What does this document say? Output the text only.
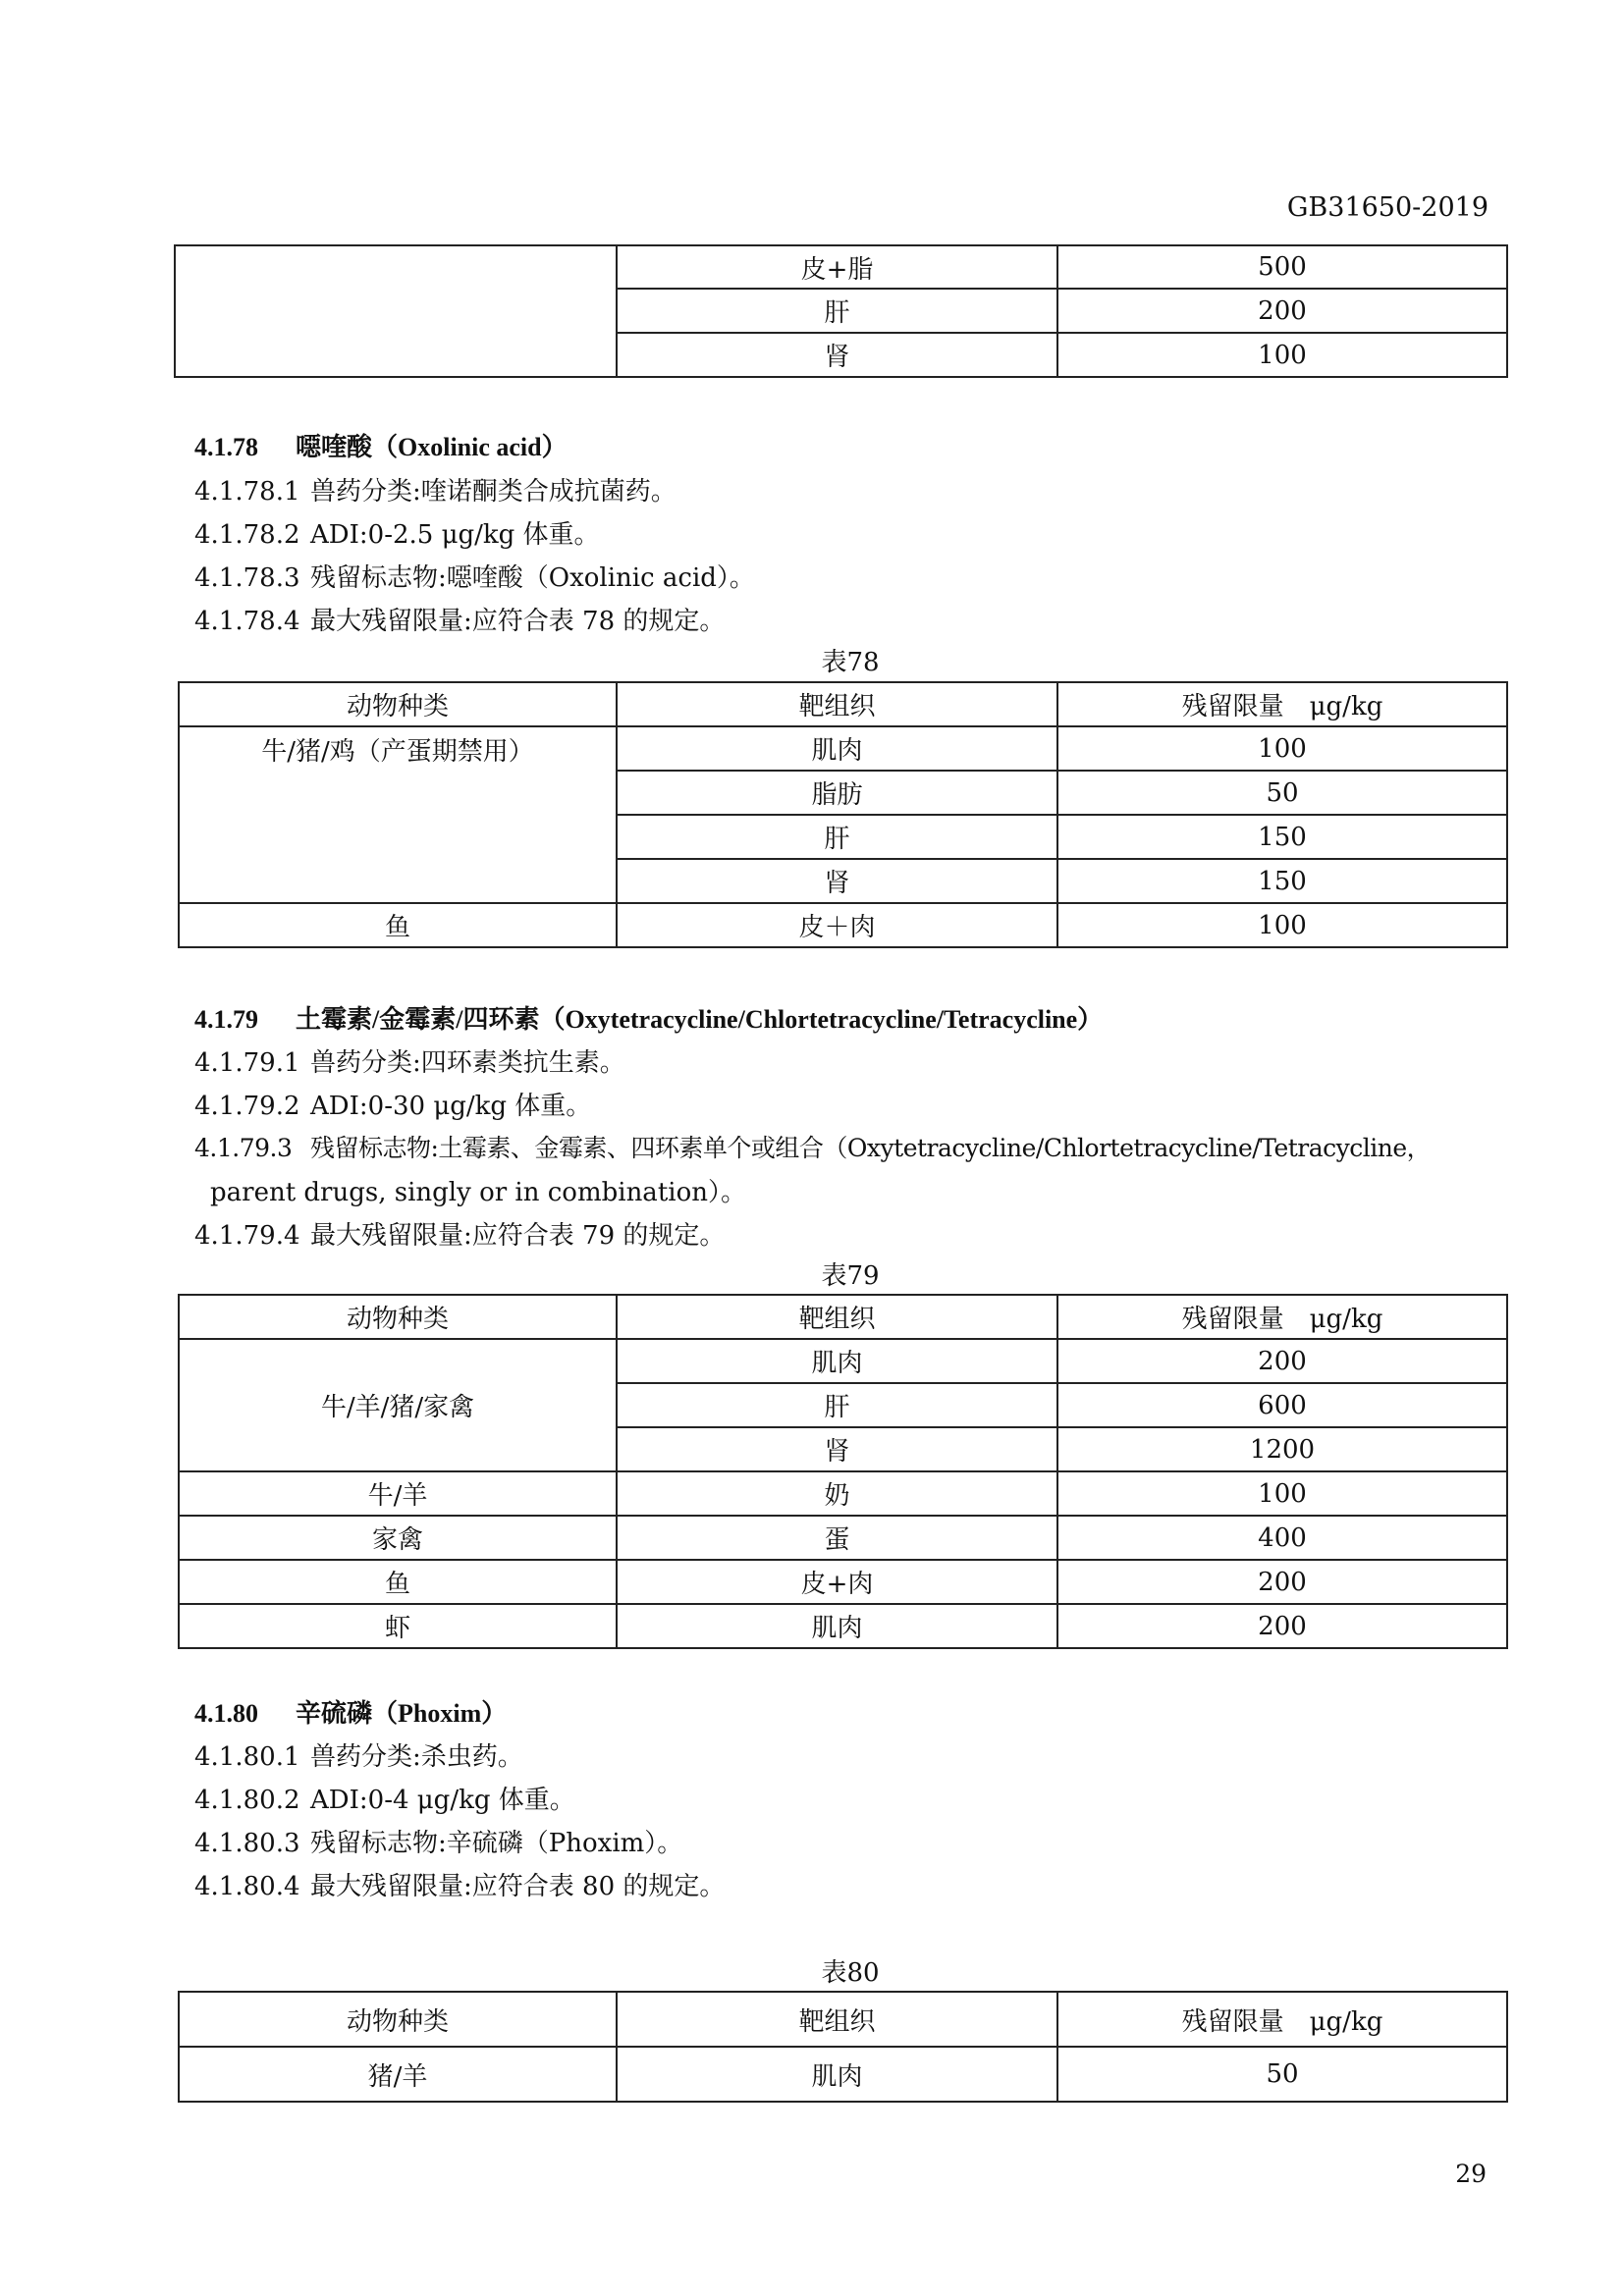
GB31650-2019
	皮+脂	500
	肝	200
	肾	100
4.1.78 噁喹酸（Oxolinic acid）
4.1.78.1 兽药分类:喹诺酮类合成抗菌药。
4.1.78.2 ADI:0-2.5 μg/kg 体重。
4.1.78.3 残留标志物:噁喹酸（Oxolinic acid）。
4.1.78.4 最大残留限量:应符合表 78 的规定。
表78
动物种类	靶组织	残留限量　μg/kg
牛/猪/鸡（产蛋期禁用）	肌肉	100
	脂肪	50
	肝	150
	肾	150
鱼	皮＋肉	100
4.1.79 土霉素/金霉素/四环素（Oxytetracycline/Chlortetracycline/Tetracycline）
4.1.79.1 兽药分类:四环素类抗生素。
4.1.79.2 ADI:0-30 μg/kg 体重。
4.1.79.3 残留标志物:土霉素、金霉素、四环素单个或组合（Oxytetracycline/Chlortetracycline/Tetracycline，
parent drugs, singly or in combination）。
4.1.79.4 最大残留限量:应符合表 79 的规定。
表79
动物种类	靶组织	残留限量　μg/kg
牛/羊/猪/家禽	肌肉	200
	肝	600
	肾	1200
牛/羊	奶	100
家禽	蛋	400
鱼	皮+肉	200
虾	肌肉	200
4.1.80 辛硫磷（Phoxim）
4.1.80.1 兽药分类:杀虫药。
4.1.80.2 ADI:0-4 μg/kg 体重。
4.1.80.3 残留标志物:辛硫磷（Phoxim）。
4.1.80.4 最大残留限量:应符合表 80 的规定。
表80
动物种类	靶组织	残留限量　μg/kg
猪/羊	肌肉	50
29
